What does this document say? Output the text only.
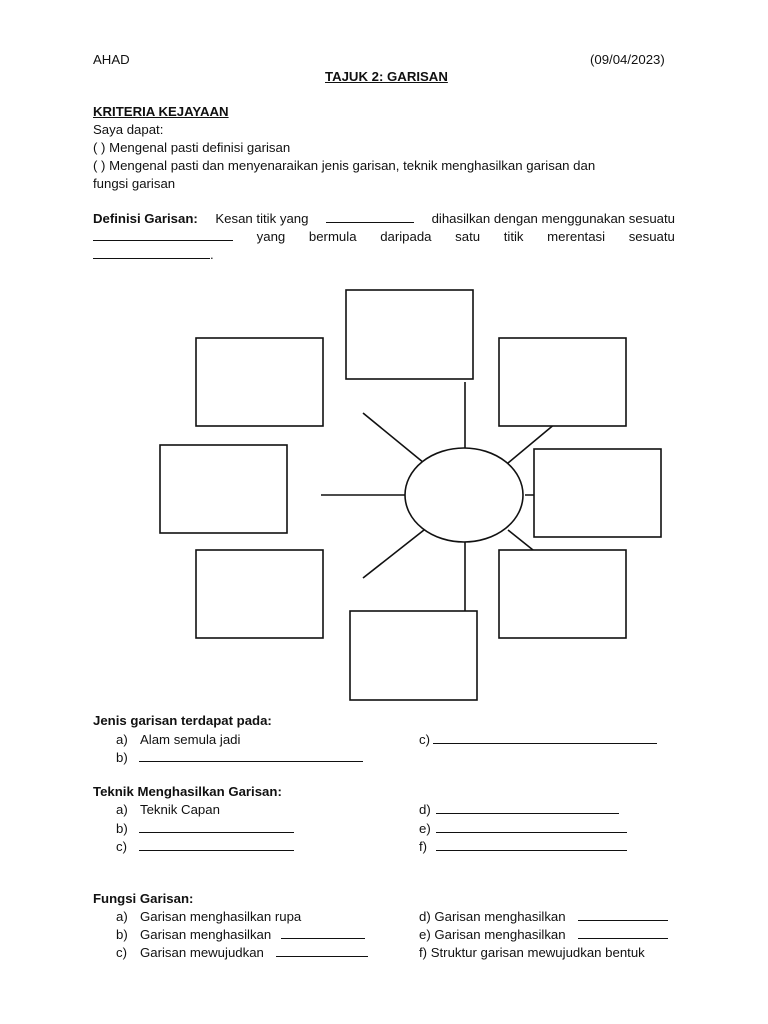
AHAD	(09/04/2023)
TAJUK 2: GARISAN
KRITERIA KEJAYAAN
Saya dapat:
( ) Mengenal pasti definisi garisan
( ) Mengenal pasti dan menyenaraikan jenis garisan, teknik menghasilkan garisan dan
fungsi garisan
Definisi Garisan: Kesan titik yang	dihasilkan dengan menggunakan sesuatu
yang bermula daripada satu titik merentasi sesuatu
.
Jenis garisan terdapat pada:
a) Alam semula jadi
b)
c)
Teknik Menghasilkan Garisan:
a) Teknik Capan
b)
c)
d)
e)
f)
Fungsi Garisan:
a) Garisan menghasilkan rupa
b) Garisan menghasilkan
c) Garisan mewujudkan
d) Garisan menghasilkan
e) Garisan menghasilkan
f) Struktur garisan mewujudkan bentuk
